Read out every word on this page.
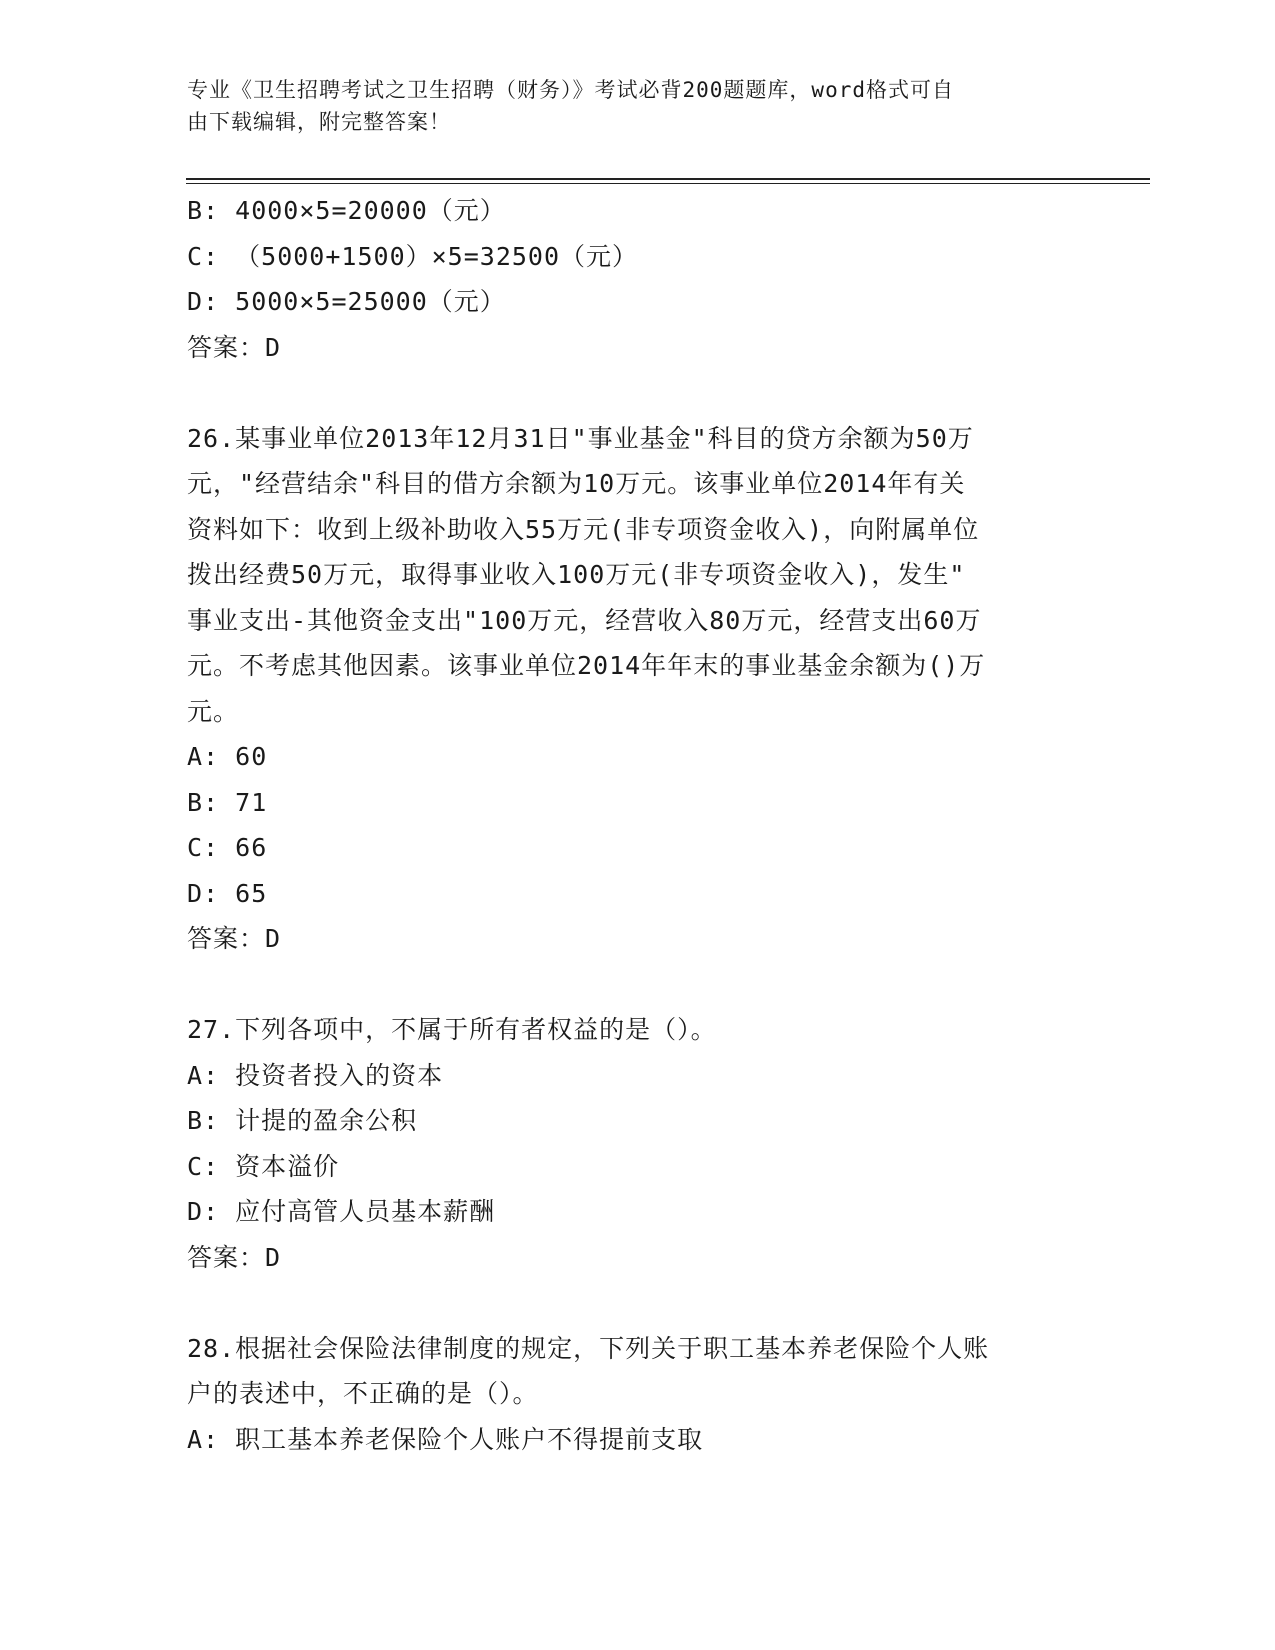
专业《卫生招聘考试之卫生招聘（财务）》考试必背200题题库，word格式可自
由下载编辑，附完整答案！
B: 4000×5=20000（元）
C: （5000+1500）×5=32500（元）
D: 5000×5=25000（元）
答案：D
26.某事业单位2013年12月31日"事业基金"科目的贷方余额为50万
元，"经营结余"科目的借方余额为10万元。该事业单位2014年有关
资料如下：收到上级补助收入55万元(非专项资金收入)，向附属单位
拨出经费50万元，取得事业收入100万元(非专项资金收入)，发生"
事业支出-其他资金支出"100万元，经营收入80万元，经营支出60万
元。不考虑其他因素。该事业单位2014年年末的事业基金余额为()万
元。
A: 60
B: 71
C: 66
D: 65
答案：D
27.下列各项中，不属于所有者权益的是（）。
A: 投资者投入的资本
B: 计提的盈余公积
C: 资本溢价
D: 应付高管人员基本薪酬
答案：D
28.根据社会保险法律制度的规定，下列关于职工基本养老保险个人账
户的表述中，不正确的是（）。
A: 职工基本养老保险个人账户不得提前支取
